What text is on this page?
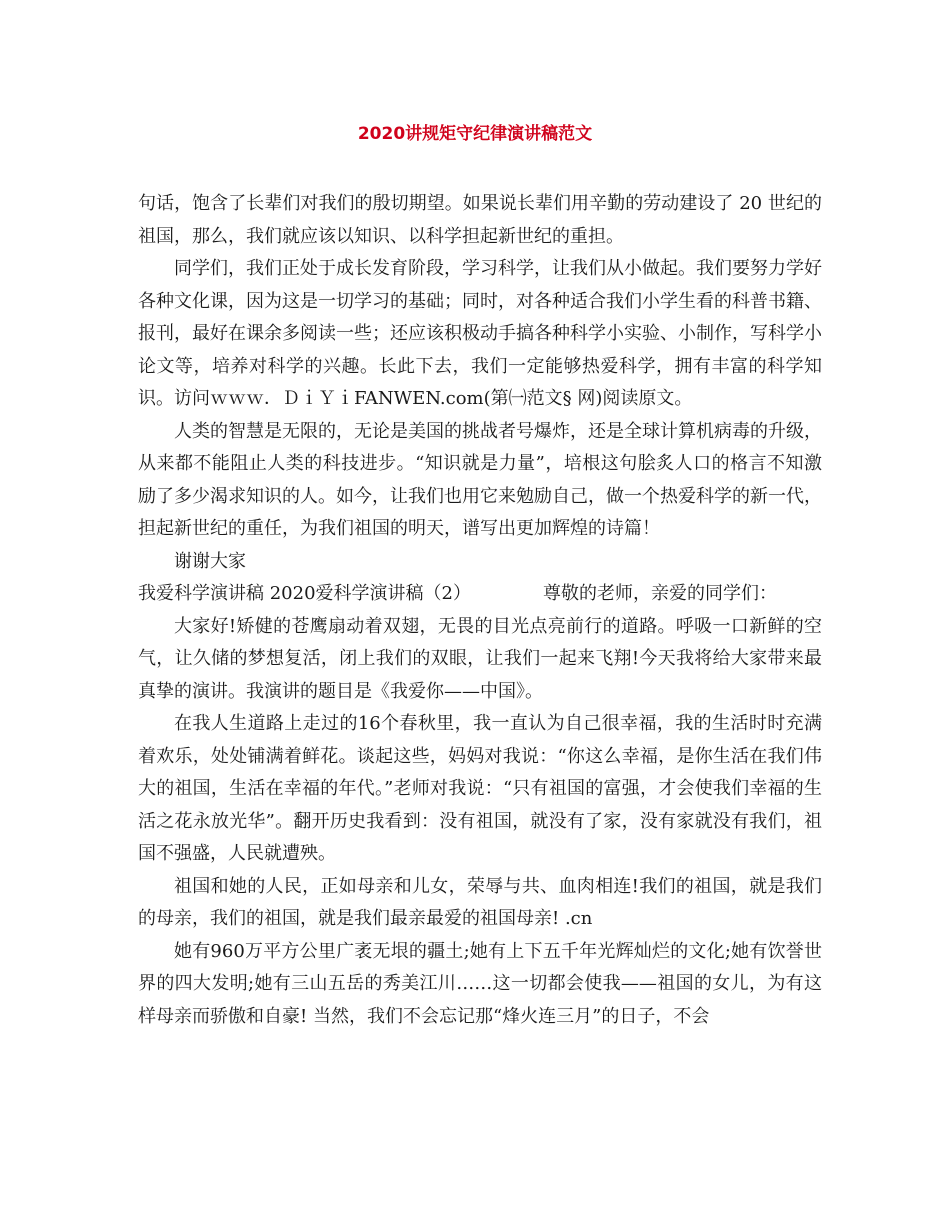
2020讲规矩守纪律演讲稿范文

句话，饱含了长辈们对我们的殷切期望。如果说长辈们用辛勤的劳动建设了 20 世纪的祖国，那么，我们就应该以知识、以科学担起新世纪的重担。

同学们，我们正处于成长发育阶段，学习科学，让我们从小做起。我们要努力学好各种文化课，因为这是一切学习的基础；同时，对各种适合我们小学生看的科普书籍、报刊，最好在课余多阅读一些；还应该积极动手搞各种科学小实验、小制作，写科学小论文等，培养对科学的兴趣。长此下去，我们一定能够热爱科学，拥有丰富的科学知识。访问ｗｗｗ．ＤｉＹｉFANWEN.com(第㈠范文§ 网)阅读原文。

人类的智慧是无限的，无论是美国的挑战者号爆炸，还是全球计算机病毒的升级，从来都不能阻止人类的科技进步。“知识就是力量”，培根这句脍炙人口的格言不知激励了多少渴求知识的人。如今，让我们也用它来勉励自己，做一个热爱科学的新一代，担起新世纪的重任，为我们祖国的明天，谱写出更加辉煌的诗篇！

谢谢大家

我爱科学演讲稿 2020爱科学演讲稿（2）	尊敬的老师，亲爱的同学们：

大家好!矫健的苍鹰扇动着双翅，无畏的目光点亮前行的道路。呼吸一口新鲜的空气，让久储的梦想复活，闭上我们的双眼，让我们一起来飞翔!今天我将给大家带来最真挚的演讲。我演讲的题目是《我爱你——中国》。

在我人生道路上走过的16个春秋里，我一直认为自己很幸福，我的生活时时充满着欢乐，处处铺满着鲜花。谈起这些，妈妈对我说：“你这么幸福，是你生活在我们伟大的祖国，生活在幸福的年代。”老师对我说：“只有祖国的富强，才会使我们幸福的生活之花永放光华”。翻开历史我看到：没有祖国，就没有了家，没有家就没有我们，祖国不强盛，人民就遭殃。

祖国和她的人民，正如母亲和儿女，荣辱与共、血肉相连!我们的祖国，就是我们的母亲，我们的祖国，就是我们最亲最爱的祖国母亲! .cn

她有960万平方公里广袤无垠的疆土;她有上下五千年光辉灿烂的文化;她有饮誉世界的四大发明;她有三山五岳的秀美江川……这一切都会使我——祖国的女儿，为有这样母亲而骄傲和自豪! 当然，我们不会忘记那“烽火连三月”的日子，不会
